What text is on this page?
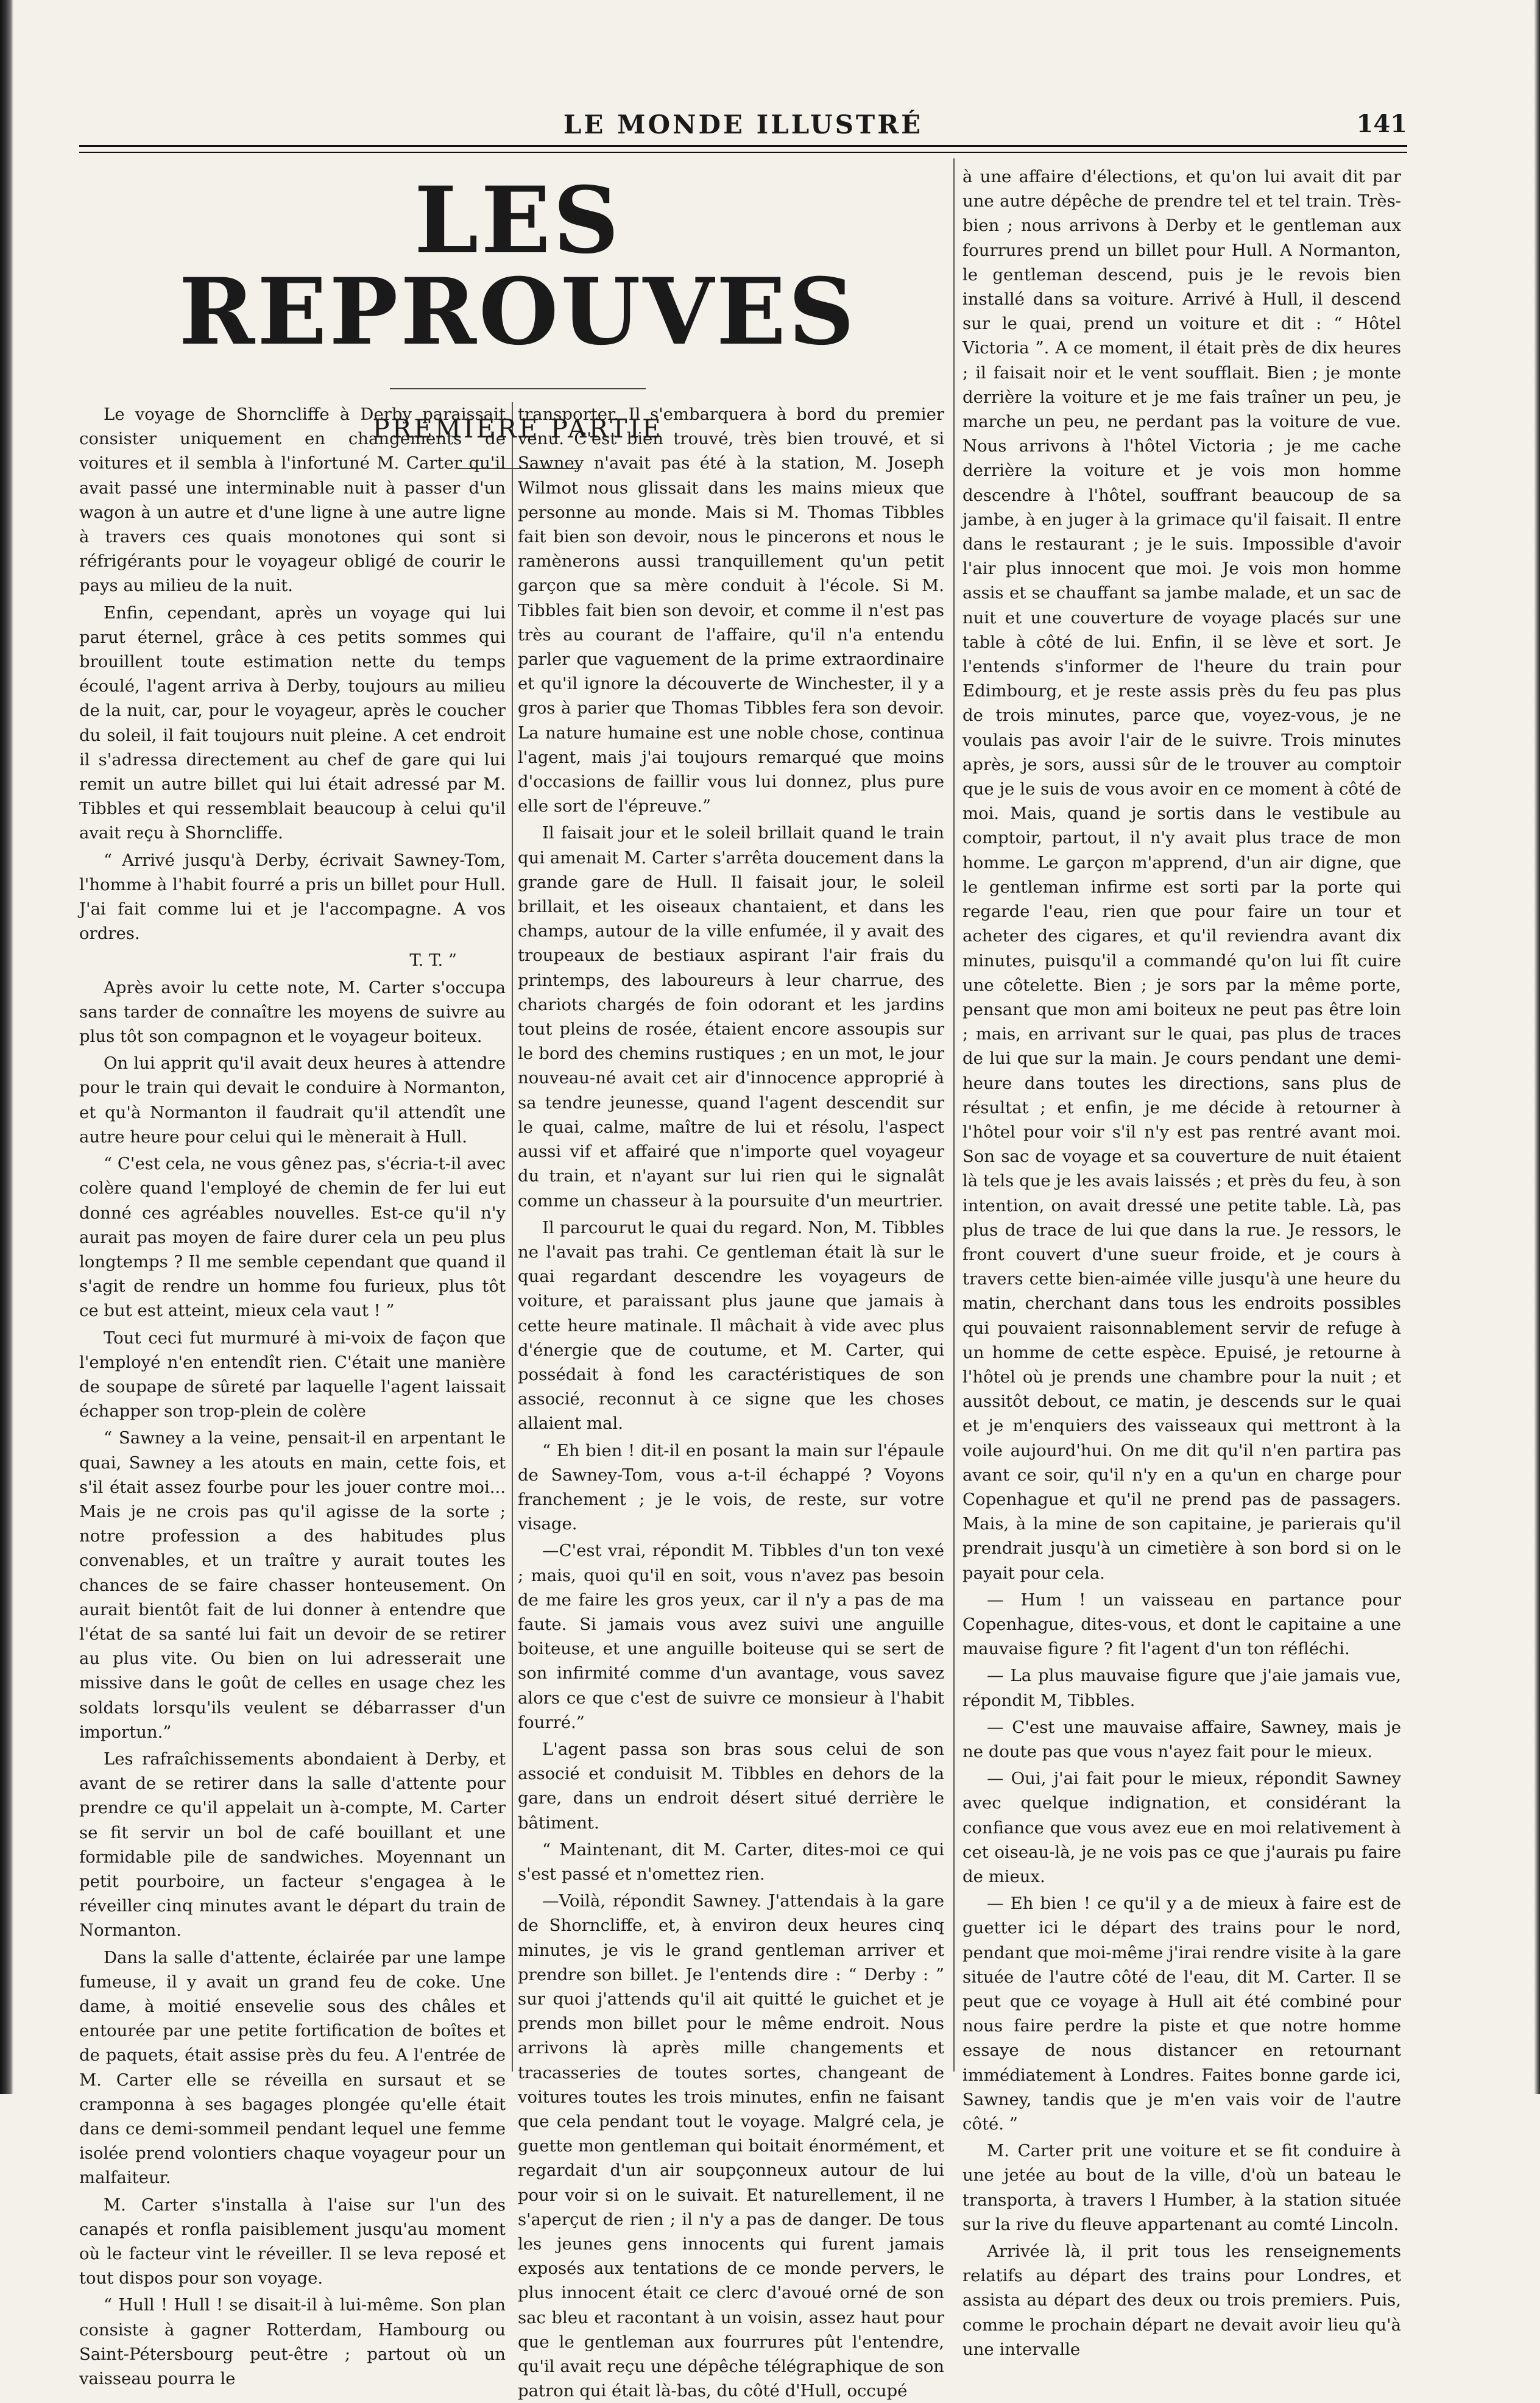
LE MONDE ILLUSTRÉ	141
LES REPROUVES
PREMIERE PARTIE

Le voyage de Shorncliffe à Derby paraissait consister uniquement en changements de voitures et il sembla à l'infortuné M. Carter qu'il avait passé une interminable nuit à passer d'un wagon à un autre et d'une ligne à une autre ligne à travers ces quais monotones qui sont si réfrigérants pour le voyageur obligé de courir le pays au milieu de la nuit.

Enfin, cependant, après un voyage qui lui parut éternel, grâce à ces petits sommes qui brouillent toute estimation nette du temps écoulé, l'agent arriva à Derby, toujours au milieu de la nuit, car, pour le voyageur, après le coucher du soleil, il fait toujours nuit pleine. A cet endroit il s'adressa directement au chef de gare qui lui remit un autre billet qui lui était adressé par M. Tibbles et qui ressemblait beaucoup à celui qu'il avait reçu à Shorncliffe.

“ Arrivé jusqu'à Derby, écrivait Sawney-Tom, l'homme à l'habit fourré a pris un billet pour Hull. J'ai fait comme lui et je l'accompagne. A vos ordres.

T. T. ”

Après avoir lu cette note, M. Carter s'occupa sans tarder de connaître les moyens de suivre au plus tôt son compagnon et le voyageur boiteux.

On lui apprit qu'il avait deux heures à attendre pour le train qui devait le conduire à Normanton, et qu'à Normanton il faudrait qu'il attendît une autre heure pour celui qui le mènerait à Hull.

“ C'est cela, ne vous gênez pas, s'écria-t-il avec colère quand l'employé de chemin de fer lui eut donné ces agréables nouvelles. Est-ce qu'il n'y aurait pas moyen de faire durer cela un peu plus longtemps ? Il me semble cependant que quand il s'agit de rendre un homme fou furieux, plus tôt ce but est atteint, mieux cela vaut ! ”

Tout ceci fut murmuré à mi-voix de façon que l'employé n'en entendît rien. C'était une manière de soupape de sûreté par laquelle l'agent laissait échapper son trop-plein de colère

“ Sawney a la veine, pensait-il en arpentant le quai, Sawney a les atouts en main, cette fois, et s'il était assez fourbe pour les jouer contre moi... Mais je ne crois pas qu'il agisse de la sorte ; notre profession a des habitudes plus convenables, et un traître y aurait toutes les chances de se faire chasser honteusement. On aurait bientôt fait de lui donner à entendre que l'état de sa santé lui fait un devoir de se retirer au plus vite. Ou bien on lui adresserait une missive dans le goût de celles en usage chez les soldats lorsqu'ils veulent se débarrasser d'un importun.”

Les rafraîchissements abondaient à Derby, et avant de se retirer dans la salle d'attente pour prendre ce qu'il appelait un à-compte, M. Carter se fit servir un bol de café bouillant et une formidable pile de sandwiches. Moyennant un petit pourboire, un facteur s'engagea à le réveiller cinq minutes avant le départ du train de Normanton.

Dans la salle d'attente, éclairée par une lampe fumeuse, il y avait un grand feu de coke. Une dame, à moitié ensevelie sous des châles et entourée par une petite fortification de boîtes et de paquets, était assise près du feu. A l'entrée de M. Carter elle se réveilla en sursaut et se cramponna à ses bagages plongée qu'elle était dans ce demi-sommeil pendant lequel une femme isolée prend volontiers chaque voyageur pour un malfaiteur.

M. Carter s'installa à l'aise sur l'un des canapés et ronfla paisiblement jusqu'au moment où le facteur vint le réveiller. Il se leva reposé et tout dispos pour son voyage.

“ Hull ! Hull ! se disait-il à lui-même. Son plan consiste à gagner Rotterdam, Hambourg ou Saint-Pétersbourg peut-être ; partout où un vaisseau pourra le

transporter. Il s'embarquera à bord du premier venu. C'est bien trouvé, très bien trouvé, et si Sawney n'avait pas été à la station, M. Joseph Wilmot nous glissait dans les mains mieux que personne au monde. Mais si M. Thomas Tibbles fait bien son devoir, nous le pincerons et nous le ramènerons aussi tranquillement qu'un petit garçon que sa mère conduit à l'école. Si M. Tibbles fait bien son devoir, et comme il n'est pas très au courant de l'affaire, qu'il n'a entendu parler que vaguement de la prime extraordinaire et qu'il ignore la découverte de Winchester, il y a gros à parier que Thomas Tibbles fera son devoir. La nature humaine est une noble chose, continua l'agent, mais j'ai toujours remarqué que moins d'occasions de faillir vous lui donnez, plus pure elle sort de l'épreuve.”

Il faisait jour et le soleil brillait quand le train qui amenait M. Carter s'arrêta doucement dans la grande gare de Hull. Il faisait jour, le soleil brillait, et les oiseaux chantaient, et dans les champs, autour de la ville enfumée, il y avait des troupeaux de bestiaux aspirant l'air frais du printemps, des laboureurs à leur charrue, des chariots chargés de foin odorant et les jardins tout pleins de rosée, étaient encore assoupis sur le bord des chemins rustiques ; en un mot, le jour nouveau-né avait cet air d'innocence approprié à sa tendre jeunesse, quand l'agent descendit sur le quai, calme, maître de lui et résolu, l'aspect aussi vif et affairé que n'importe quel voyageur du train, et n'ayant sur lui rien qui le signalât comme un chasseur à la poursuite d'un meurtrier.

Il parcourut le quai du regard. Non, M. Tibbles ne l'avait pas trahi. Ce gentleman était là sur le quai regardant descendre les voyageurs de voiture, et paraissant plus jaune que jamais à cette heure matinale. Il mâchait à vide avec plus d'énergie que de coutume, et M. Carter, qui possédait à fond les caractéristiques de son associé, reconnut à ce signe que les choses allaient mal.

“ Eh bien ! dit-il en posant la main sur l'épaule de Sawney-Tom, vous a-t-il échappé ? Voyons franchement ; je le vois, de reste, sur votre visage.

—C'est vrai, répondit M. Tibbles d'un ton vexé ; mais, quoi qu'il en soit, vous n'avez pas besoin de me faire les gros yeux, car il n'y a pas de ma faute. Si jamais vous avez suivi une anguille boiteuse, et une anguille boiteuse qui se sert de son infirmité comme d'un avantage, vous savez alors ce que c'est de suivre ce monsieur à l'habit fourré.”

L'agent passa son bras sous celui de son associé et conduisit M. Tibbles en dehors de la gare, dans un endroit désert situé derrière le bâtiment.

“ Maintenant, dit M. Carter, dites-moi ce qui s'est passé et n'omettez rien.

—Voilà, répondit Sawney. J'attendais à la gare de Shorncliffe, et, à environ deux heures cinq minutes, je vis le grand gentleman arriver et prendre son billet. Je l'entends dire : “ Derby : ” sur quoi j'attends qu'il ait quitté le guichet et je prends mon billet pour le même endroit. Nous arrivons là après mille changements et tracasseries de toutes sortes, changeant de voitures toutes les trois minutes, enfin ne faisant que cela pendant tout le voyage. Malgré cela, je guette mon gentleman qui boitait énormément, et regardait d'un air soupçonneux autour de lui pour voir si on le suivait. Et naturellement, il ne s'aperçut de rien ; il n'y a pas de danger. De tous les jeunes gens innocents qui furent jamais exposés aux tentations de ce monde pervers, le plus innocent était ce clerc d'avoué orné de son sac bleu et racontant à un voisin, assez haut pour que le gentleman aux fourrures pût l'entendre, qu'il avait reçu une dépêche télégraphique de son patron qui était là-bas, du côté d'Hull, occupé

à une affaire d'élections, et qu'on lui avait dit par une autre dépêche de prendre tel et tel train. Très-bien ; nous arrivons à Derby et le gentleman aux fourrures prend un billet pour Hull. A Normanton, le gentleman descend, puis je le revois bien installé dans sa voiture. Arrivé à Hull, il descend sur le quai, prend un voiture et dit : “ Hôtel Victoria ”. A ce moment, il était près de dix heures ; il faisait noir et le vent soufflait. Bien ; je monte derrière la voiture et je me fais traîner un peu, je marche un peu, ne perdant pas la voiture de vue. Nous arrivons à l'hôtel Victoria ; je me cache derrière la voiture et je vois mon homme descendre à l'hôtel, souffrant beaucoup de sa jambe, à en juger à la grimace qu'il faisait. Il entre dans le restaurant ; je le suis. Impossible d'avoir l'air plus innocent que moi. Je vois mon homme assis et se chauffant sa jambe malade, et un sac de nuit et une couverture de voyage placés sur une table à côté de lui. Enfin, il se lève et sort. Je l'entends s'informer de l'heure du train pour Edimbourg, et je reste assis près du feu pas plus de trois minutes, parce que, voyez-vous, je ne voulais pas avoir l'air de le suivre. Trois minutes après, je sors, aussi sûr de le trouver au comptoir que je le suis de vous avoir en ce moment à côté de moi. Mais, quand je sortis dans le vestibule au comptoir, partout, il n'y avait plus trace de mon homme. Le garçon m'apprend, d'un air digne, que le gentleman infirme est sorti par la porte qui regarde l'eau, rien que pour faire un tour et acheter des cigares, et qu'il reviendra avant dix minutes, puisqu'il a commandé qu'on lui fît cuire une côtelette. Bien ; je sors par la même porte, pensant que mon ami boiteux ne peut pas être loin ; mais, en arrivant sur le quai, pas plus de traces de lui que sur la main. Je cours pendant une demi-heure dans toutes les directions, sans plus de résultat ; et enfin, je me décide à retourner à l'hôtel pour voir s'il n'y est pas rentré avant moi. Son sac de voyage et sa couverture de nuit étaient là tels que je les avais laissés ; et près du feu, à son intention, on avait dressé une petite table. Là, pas plus de trace de lui que dans la rue. Je ressors, le front couvert d'une sueur froide, et je cours à travers cette bien-aimée ville jusqu'à une heure du matin, cherchant dans tous les endroits possibles qui pouvaient raisonnablement servir de refuge à un homme de cette espèce. Epuisé, je retourne à l'hôtel où je prends une chambre pour la nuit ; et aussitôt debout, ce matin, je descends sur le quai et je m'enquiers des vaisseaux qui mettront à la voile aujourd'hui. On me dit qu'il n'en partira pas avant ce soir, qu'il n'y en a qu'un en charge pour Copenhague et qu'il ne prend pas de passagers. Mais, à la mine de son capitaine, je parierais qu'il prendrait jusqu'à un cimetière à son bord si on le payait pour cela.

— Hum ! un vaisseau en partance pour Copenhague, dites-vous, et dont le capitaine a une mauvaise figure ? fit l'agent d'un ton réfléchi.

— La plus mauvaise figure que j'aie jamais vue, répondit M, Tibbles.

— C'est une mauvaise affaire, Sawney, mais je ne doute pas que vous n'ayez fait pour le mieux.

— Oui, j'ai fait pour le mieux, répondit Sawney avec quelque indignation, et considérant la confiance que vous avez eue en moi relativement à cet oiseau-là, je ne vois pas ce que j'aurais pu faire de mieux.

— Eh bien ! ce qu'il y a de mieux à faire est de guetter ici le départ des trains pour le nord, pendant que moi-même j'irai rendre visite à la gare située de l'autre côté de l'eau, dit M. Carter. Il se peut que ce voyage à Hull ait été combiné pour nous faire perdre la piste et que notre homme essaye de nous distancer en retournant immédiatement à Londres. Faites bonne garde ici, Sawney, tandis que je m'en vais voir de l'autre côté. ”

M. Carter prit une voiture et se fit conduire à une jetée au bout de la ville, d'où un bateau le transporta, à travers l Humber, à la station située sur la rive du fleuve appartenant au comté Lincoln.

Arrivée là, il prit tous les renseignements relatifs au départ des trains pour Londres, et assista au départ des deux ou trois premiers. Puis, comme le prochain départ ne devait avoir lieu qu'à une intervalle
